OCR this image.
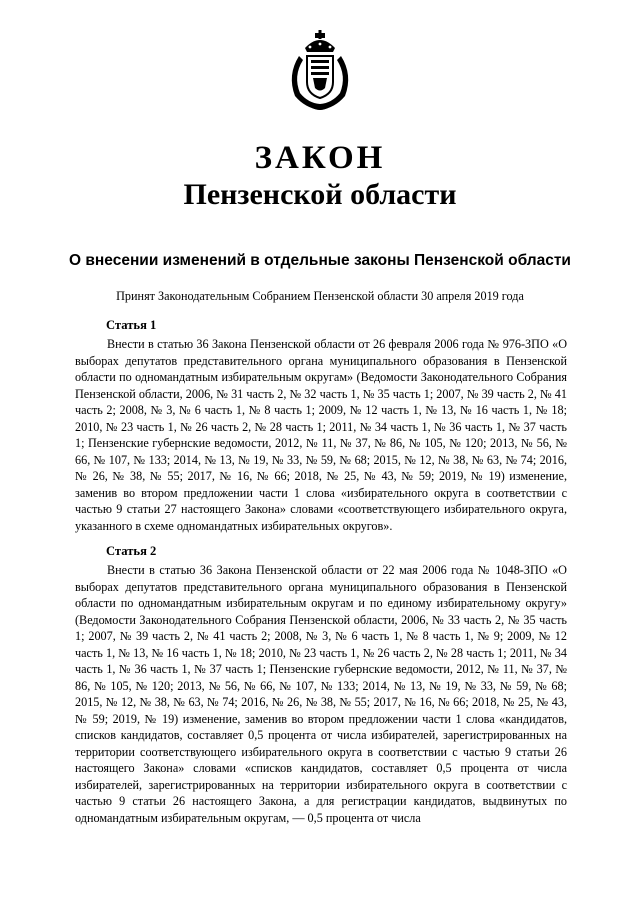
ЗАКОН
Пензенской области
О внесении изменений в отдельные законы Пензенской области
Принят Законодательным Собранием Пензенской области 30 апреля 2019 года
Статья 1

Внести в статью 36 Закона Пензенской области от 26 февраля 2006 года № 976-ЗПО «О выборах депутатов представительного органа муниципального образования в Пензенской области по одномандатным избирательным округам» (Ведомости Законодательного Собрания Пензенской области, 2006, № 31 часть 2, № 32 часть 1, № 35 часть 1; 2007, № 39 часть 2, № 41 часть 2; 2008, № 3, № 6 часть 1, № 8 часть 1; 2009, № 12 часть 1, № 13, № 16 часть 1, № 18; 2010, № 23 часть 1, № 26 часть 2, № 28 часть 1; 2011, № 34 часть 1, № 36 часть 1, № 37 часть 1; Пензенские губернские ведомости, 2012, № 11, № 37, № 86, № 105, № 120; 2013, № 56, № 66, № 107, № 133; 2014, № 13, № 19, № 33, № 59, № 68; 2015, № 12, № 38, № 63, № 74; 2016, № 26, № 38, № 55; 2017, № 16, № 66; 2018, № 25, № 43, № 59; 2019, № 19) изменение, заменив во втором предложении части 1 слова «избирательного округа в соответствии с частью 9 статьи 27 настоящего Закона» словами «соответствующего избирательного округа, указанного в схеме одномандатных избирательных округов».

Статья 2

Внести в статью 36 Закона Пензенской области от 22 мая 2006 года № 1048-ЗПО «О выборах депутатов представительного органа муниципального образования в Пензенской области по одномандатным избирательным округам и по единому избирательному округу» (Ведомости Законодательного Собрания Пензенской области, 2006, № 33 часть 2, № 35 часть 1; 2007, № 39 часть 2, № 41 часть 2; 2008, № 3, № 6 часть 1, № 8 часть 1, № 9; 2009, № 12 часть 1, № 13, № 16 часть 1, № 18; 2010, № 23 часть 1, № 26 часть 2, № 28 часть 1; 2011, № 34 часть 1, № 36 часть 1, № 37 часть 1; Пензенские губернские ведомости, 2012, № 11, № 37, № 86, № 105, № 120; 2013, № 56, № 66, № 107, № 133; 2014, № 13, № 19, № 33, № 59, № 68; 2015, № 12, № 38, № 63, № 74; 2016, № 26, № 38, № 55; 2017, № 16, № 66; 2018, № 25, № 43, № 59; 2019, № 19) изменение, заменив во втором предложении части 1 слова «кандидатов, списков кандидатов, составляет 0,5 процента от числа избирателей, зарегистрированных на территории соответствующего избирательного округа в соответствии с частью 9 статьи 26 настоящего Закона» словами «списков кандидатов, составляет 0,5 процента от числа избирателей, зарегистрированных на территории избирательного округа в соответствии с частью 9 статьи 26 настоящего Закона, а для регистрации кандидатов, выдвинутых по одномандатным избирательным округам, — 0,5 процента от числа
